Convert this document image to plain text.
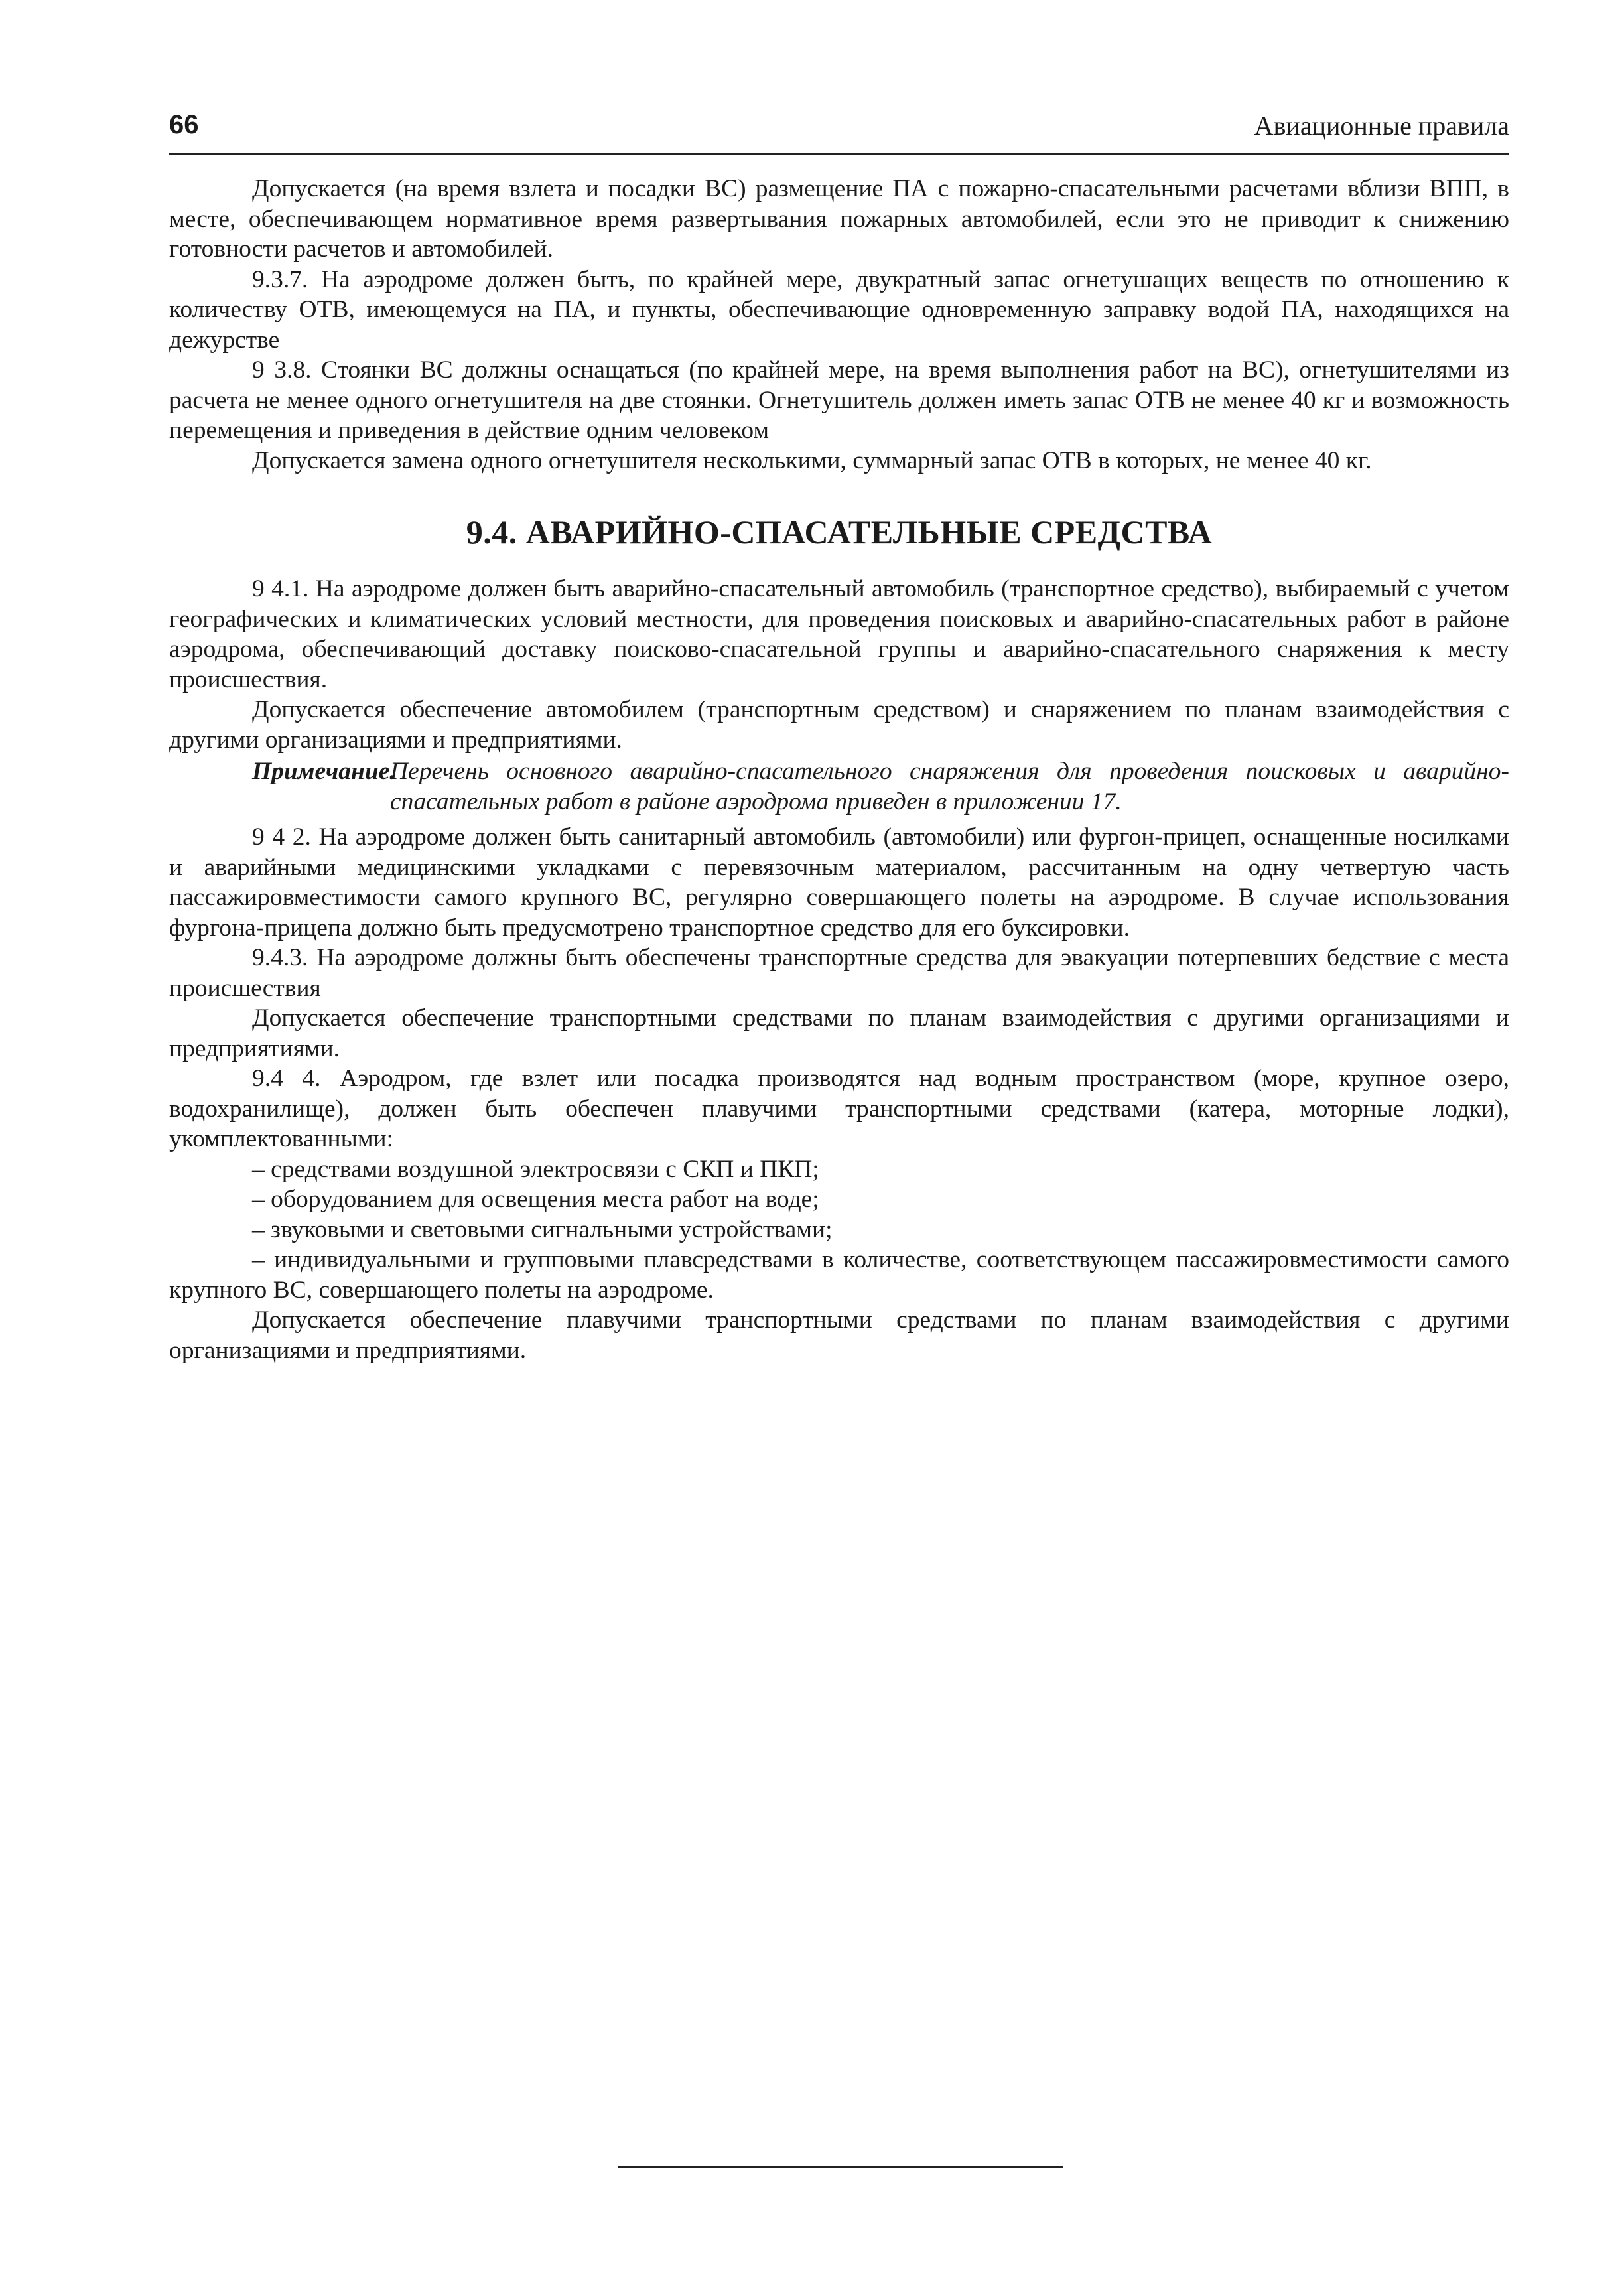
66	Авиационные правила

Допускается (на время взлета и посадки ВС) размещение ПА с пожарно-спасательными расчетами вблизи ВПП, в месте, обеспечивающем нормативное время развертывания пожарных автомобилей, если это не приводит к снижению готовности расчетов и автомобилей.

9.3.7. На аэродроме должен быть, по крайней мере, двукратный запас огнетушащих веществ по отношению к количеству ОТВ, имеющемуся на ПА, и пункты, обеспечивающие одновременную заправку водой ПА, находящихся на дежурстве

9 3.8. Стоянки ВС должны оснащаться (по крайней мере, на время выполнения работ на ВС), огнетушителями из расчета не менее одного огнетушителя на две стоянки. Огнетушитель должен иметь запас ОТВ не менее 40 кг и возможность перемещения и приведения в действие одним человеком

Допускается замена одного огнетушителя несколькими, суммарный запас ОТВ в которых, не менее 40 кг.

9.4. АВАРИЙНО-СПАСАТЕЛЬНЫЕ СРЕДСТВА

9 4.1. На аэродроме должен быть аварийно-спасательный автомобиль (транспортное средство), выбираемый с учетом географических и климатических условий местности, для проведения поисковых и аварийно-спасательных работ в районе аэродрома, обеспечивающий доставку поисково-спасательной группы и аварийно-спасательного снаряжения к месту происшествия.

Допускается обеспечение автомобилем (транспортным средством) и снаряжением по планам взаимодействия с другими организациями и предприятиями.

Примечание.
Перечень основного аварийно-спасательного снаряжения для проведения поисковых и аварийно-спасательных работ в районе аэродрома приведен в приложении 17.

9 4 2. На аэродроме должен быть санитарный автомобиль (автомобили) или фургон-прицеп, оснащенные носилками и аварийными медицинскими укладками с перевязочным материалом, рассчитанным на одну четвертую часть пассажировместимости самого крупного ВС, регулярно совершающего полеты на аэродроме. В случае использования фургона-прицепа должно быть предусмотрено транспортное средство для его буксировки.

9.4.3. На аэродроме должны быть обеспечены транспортные средства для эвакуации потерпевших бедствие с места происшествия

Допускается обеспечение транспортными средствами по планам взаимодействия с другими организациями и предприятиями.

9.4 4. Аэродром, где взлет или посадка производятся над водным пространством (море, крупное озеро, водохранилище), должен быть обеспечен плавучими транспортными средствами (катера, моторные лодки), укомплектованными:

– средствами воздушной электросвязи с СКП и ПКП;
– оборудованием для освещения места работ на воде;
– звуковыми и световыми сигнальными устройствами;
– индивидуальными и групповыми плавсредствами в количестве, соответствующем пассажировместимости самого крупного ВС, совершающего полеты на аэродроме.

Допускается обеспечение плавучими транспортными средствами по планам взаимодействия с другими организациями и предприятиями.
